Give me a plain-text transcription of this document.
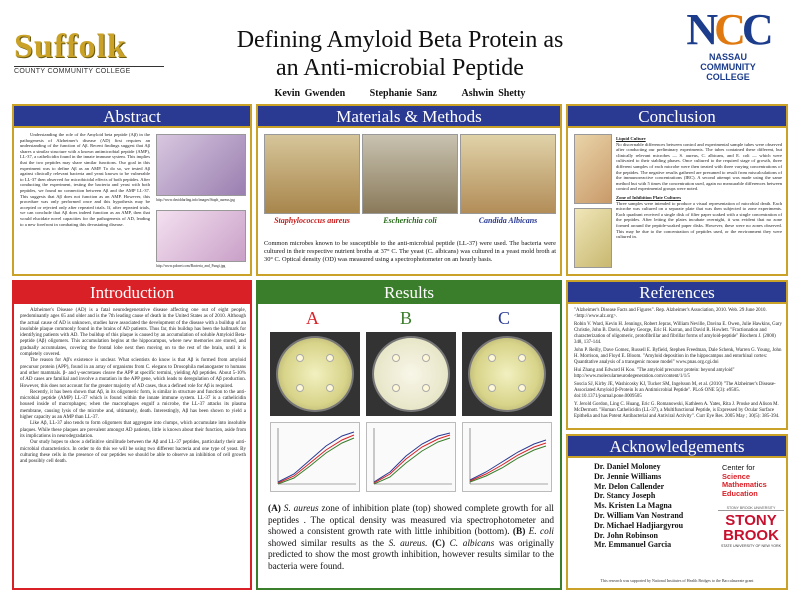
Suffolk
COUNTY COMMUNITY COLLEGE
Defining Amyloid Beta Protein as
an Anti-microbial Peptide
Kevin Gwenden Stephanie Sanz Ashwin Shetty
NCC
NASSAU
COMMUNITY
COLLEGE
Abstract
Understanding the role of the Amyloid beta peptide (Aβ) in the pathogenesis of Alzheimer's disease (AD) first requires an understanding of the function of Aβ. Recent findings suggest that Aβ shares a similar structure with a known antimicrobial peptide (AMP), LL-37, a cathelicidin found in the innate immune system. This implies that the two peptides may share similar functions. Our goal in this experiment was to define Aβ as an AMP. To do so, we tested Aβ against clinically relevant bacteria and yeast known to be vulnerable to LL-37 then observed for microbicidal effects of both peptides. After conducting the experiment, testing the bacteria and yeast with both peptides, we found no connection between Aβ and the AMP LL-37. This suggests that Aβ does not function as an AMP. However, this procedure was only performed once and this hypothesis may be accepted or rejected only after repeated trials. If, after repeated trials, we can conclude that Aβ does indeed function as an AMP, then that would elucidate novel capacities for the pathogenesis of AD, leading to a new forefront in combating this devastating disease.
http://www.daviddarling.info/images/Staph_aureus.jpg
http://www.pdcnet.com/Bacteria_and_Fungi.jpg
Materials & Methods
Staphylococcus aureus	Escherichia coli	Candida Albicans
Common microbes known to be susceptible to the anti-microbial peptide (LL-37) were used. The bacteria were cultured in their respective nutrient broths at 37° C. The yeast (C. albicans) was cultured in a yeast mold broth at 30° C. Optical density (OD) was measured using a spectrophotometer on an hourly basis.
Conclusion
Liquid Culture
No discernable differences between control and experimental sample tubes were observed after conducting our preliminary experiments. The tubes contained these different, but clinically relevant microbes — S. aureus, C. albicans, and E. coli — which were cultivated to their stabling phases. Once cultured to the required stage of growth, three different samples of each microbe were then treated with three varying concentrations of the peptides. The negative results gathered are presumed to result from miscalculations of the immunoreactive concentrations (IRC). A second attempt was made using the same method but with 5 times the concentration used, again no measurable differences between control and experimental groups were noted.
Zone of Inhibition Plate Cultures
Three samples were intended to produce a visual representation of microbial death. Each microbe was cultured on a separate plate that was then subjected to zone experiments. Each quadrant received a single disk of filter paper soaked with a single concentration of the peptides. After letting the plates incubate overnight, it was evident that no zone formed around the peptide-soaked paper disks. However, these were no zones observed. This may be due to the concentration of peptides used, or the environment they were cultured in.
Introduction
Alzheimer's Disease (AD) is a fatal neurodegenerative disease affecting one out of eight people, predominantly ages 65 and older and is the 7th leading cause of death in the United States as of 2010. Although the actual cause of AD is unknown, studies have associated the development of the disease with a buildup of an insoluble plaque commonly found in the brains of AD patients. Thus far, this buildup has been the hallmark for identifying patients with AD. The buildup of this plaque is caused by an accumulation of soluble Amyloid Beta-peptide (Aβ) oligomers. This accumulation begins at the hippocampus, where new memories are stored, and gradually accumulates, covering the frontal lobe next then moving on to the rest of the brain, until it is completely covered.
The reason for Aβ's existence is unclear. What scientists do know is that Aβ is formed from amyloid precursor protein (APP), found in an array of organisms from C. elegans to Drosophila melanogaster to humans and other mammals. β- and γ-secretases cleave the APP at specific termini, yielding Aβ peptides. About 5-10% of AD cases are familial and involve a mutation in the APP gene, which leads to deregulation of Aβ production. However, this does not account for the greater majority of AD cases, thus a defined role for Aβ is required.
Recently, it has been shown that Aβ, in its oligomeric form, is similar in structure and function to the anti-microbial peptide (AMP) LL-37 which is found within the innate immune system. LL-37 is a cathelicidin housed inside of macrophages; when the macrophages engulf a microbe, the LL-37 attacks its plasma membrane, causing lysis of the microbe and, ultimately, death. Interestingly, Aβ has been shown to yield a higher capacity as an AMP than LL-37.
Like Aβ, LL-37 also tends to form oligomers that aggregate into clumps, which accumulate into insoluble plaques. While these plaques are prevalent amongst AD patients, little is known about their function, aside from its implications in neurodegradation.
Our study hopes to show a definitive similitude between the Aβ and LL-37 peptides, particularly their anti-microbial characteristics. In order to do this we will be using two different bacteria and one type of yeast. By culturing these cells in the presence of our peptides we should be able to observe an inhibition of cell growth and possibly cell death.
Results
A	B	C
(A) S. aureus zone of inhibition plate (top) showed complete growth for all peptides . The optical density was measured via spectrophotometer and showed a consistent growth rate with little inhibition (bottom). (B) E. coli showed similar results as the S. aureus. (C) C. albicans was originally predicted to show the most growth inhibition, however results similar to the bacteria were found.
References
"Alzheimer's Disease Facts and Figures". Rep. Alzheimer's Association, 2010. Web. 29 June 2010. <http://www.alz.org>.
Robin V. Ward, Kevin H. Jennings, Robert Jepras, William Neville, Davina E. Owen, Julie Hawkins, Gary Christie, John B. Davis, Ashley George, Eric H. Karran, and David R. Howlett. "Fractionation and characterization of oligomeric, protofibrillar and fibrillar forms of amyloid-peptide" Biochem J. (2000) 348, 137-144.
John P. Reilly, Dave Gomez, Russell E. Byfield, Stephen Freedman, Dale Schenk, Warren G. Young, John H. Morrison, and Floyd E. Bloom. "Amyloid deposition in the hippocampus and entorhinal cortex: Quantitative analysis of a transgenic mouse model" www.pnas.org.cgi.doi
Hui Zhang and Edward H Koo. "The amyloid precursor protein: beyond amyloid" http://www.molecularneurodegeneration.com/content/1/1/5
Soscia SJ, Kirby JE, Washicosky KJ, Tucker SM, Ingelsson M, et al. (2010) "The Alzheimer's Disease-Associated Amyloid β-Protein Is an Antimicrobial Peptide". PLoS ONE 5(3): e9505. doi:10.1371/journal.pone.0009505
Y. Jerold Gordon, Ling C. Huang, Eric G. Romanowski, Kathleen A. Yates, Rita J. Proske and Alison M. McDermott. "Human Cathelicidin (LL-37), a Multifunctional Peptide, is Expressed by Ocular Surface Epithelia and has Potent Antibacterial and Antiviral Activity". Curr Eye Res. 2005 May ; 30(5): 385-394.
Acknowledgements
Dr. Daniel Moloney
Dr. Jennie Williams
Mr. Delon Callender
Dr. Stancy Joseph
Ms. Kristen La Magna
Dr. William Van Nostrand
Dr. Michael Hadjiargyrou
Dr. John Robinson
Mr. Emmanuel Garcia
Center for
Science
Mathematics
Education
STONY BROOK UNIVERSITY
STONY
BROOK
STATE UNIVERSITY OF NEW YORK
This research was supported by National Institutes of Health Bridges to the Baccalaureate grant
